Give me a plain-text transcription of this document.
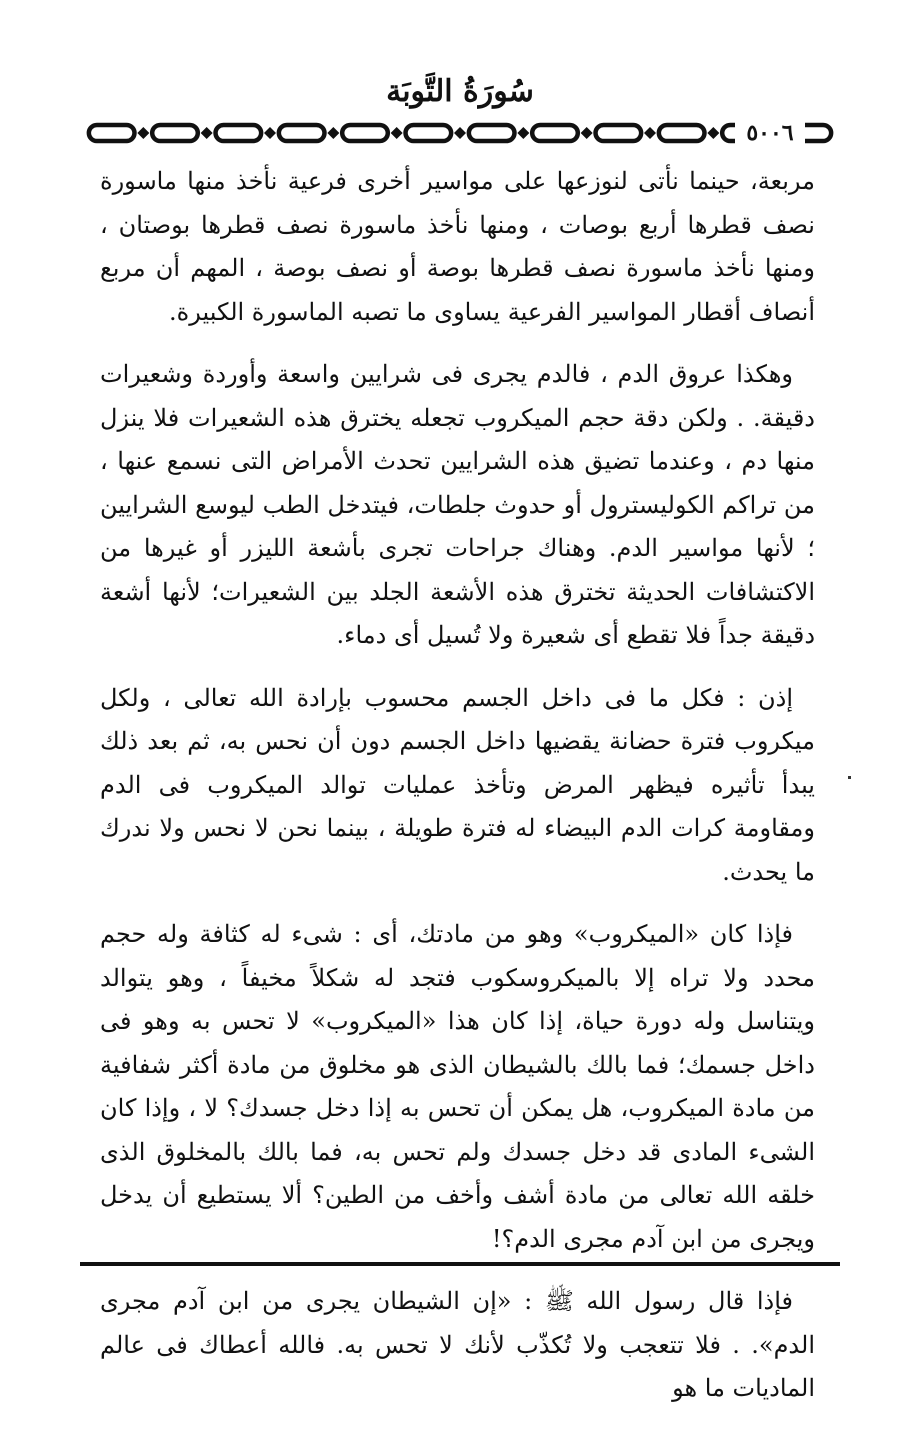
سُورَةُ التَّوبَة
٥٠٠٦

مربعة، حينما نأتى لنوزعها على مواسير أخرى فرعية نأخذ منها ماسورة نصف قطرها أربع بوصات ، ومنها نأخذ ماسورة نصف قطرها بوصتان ، ومنها نأخذ ماسورة نصف قطرها بوصة أو نصف بوصة ، المهم أن مربع أنصاف أقطار المواسير الفرعية يساوى ما تصبه الماسورة الكبيرة.

وهكذا عروق الدم ، فالدم يجرى فى شرايين واسعة وأوردة وشعيرات دقيقة. . ولكن دقة حجم الميكروب تجعله يخترق هذه الشعيرات فلا ينزل منها دم ، وعندما تضيق هذه الشرايين تحدث الأمراض التى نسمع عنها ، من تراكم الكوليسترول أو حدوث جلطات، فيتدخل الطب ليوسع الشرايين ؛ لأنها مواسير الدم. وهناك جراحات تجرى بأشعة الليزر أو غيرها من الاكتشافات الحديثة تخترق هذه الأشعة الجلد بين الشعيرات؛ لأنها أشعة دقيقة جداً فلا تقطع أى شعيرة ولا تُسيل أى دماء.

إذن : فكل ما فى داخل الجسم محسوب بإرادة الله تعالى ، ولكل ميكروب فترة حضانة يقضيها داخل الجسم دون أن نحس به، ثم بعد ذلك يبدأ تأثيره فيظهر المرض وتأخذ عمليات توالد الميكروب فى الدم ومقاومة كرات الدم البيضاء له فترة طويلة ، بينما نحن لا نحس ولا ندرك ما يحدث.

فإذا كان «الميكروب» وهو من مادتك، أى : شىء له كثافة وله حجم محدد ولا تراه إلا بالميكروسكوب فتجد له شكلاً مخيفاً ، وهو يتوالد ويتناسل وله دورة حياة، إذا كان هذا «الميكروب» لا تحس به وهو فى داخل جسمك؛ فما بالك بالشيطان الذى هو مخلوق من مادة أكثر شفافية من مادة الميكروب، هل يمكن أن تحس به إذا دخل جسدك؟ لا ، وإذا كان الشىء المادى قد دخل جسدك ولم تحس به، فما بالك بالمخلوق الذى خلقه الله تعالى من مادة أشف وأخف من الطين؟ ألا يستطيع أن يدخل ويجرى من ابن آدم مجرى الدم؟!

فإذا قال رسول الله ﷺ : «إن الشيطان يجرى من ابن آدم مجرى الدم». . فلا تتعجب ولا تُكذّب لأنك لا تحس به. فالله أعطاك فى عالم الماديات ما هو
